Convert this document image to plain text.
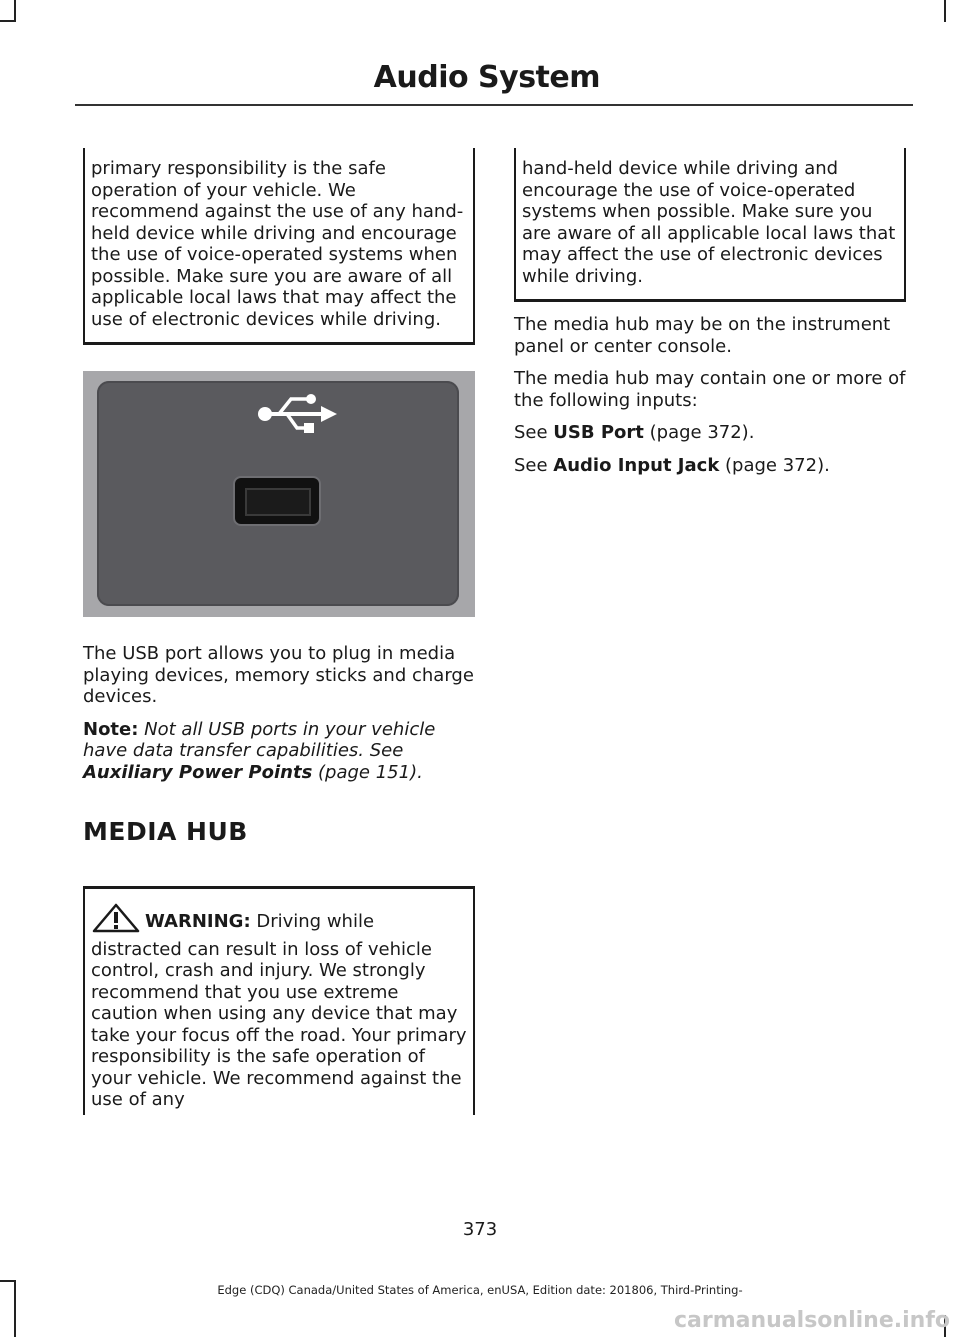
Audio System

primary responsibility is the safe operation of your vehicle. We recommend against the use of any hand-held device while driving and encourage the use of voice-operated systems when possible. Make sure you are aware of all applicable local laws that may affect the use of electronic devices while driving.

The USB port allows you to plug in media playing devices, memory sticks and charge devices.

Note: Not all USB ports in your vehicle have data transfer capabilities. See Auxiliary Power Points (page 151).

MEDIA HUB

WARNING: Driving while distracted can result in loss of vehicle control, crash and injury. We strongly recommend that you use extreme caution when using any device that may take your focus off the road. Your primary responsibility is the safe operation of your vehicle. We recommend against the use of any

hand-held device while driving and encourage the use of voice-operated systems when possible. Make sure you are aware of all applicable local laws that may affect the use of electronic devices while driving.

The media hub may be on the instrument panel or center console.

The media hub may contain one or more of the following inputs:

See USB Port (page 372).

See Audio Input Jack (page 372).

373
Edge (CDQ) Canada/United States of America, enUSA, Edition date: 201806, Third-Printing-
carmanualsonline.info
